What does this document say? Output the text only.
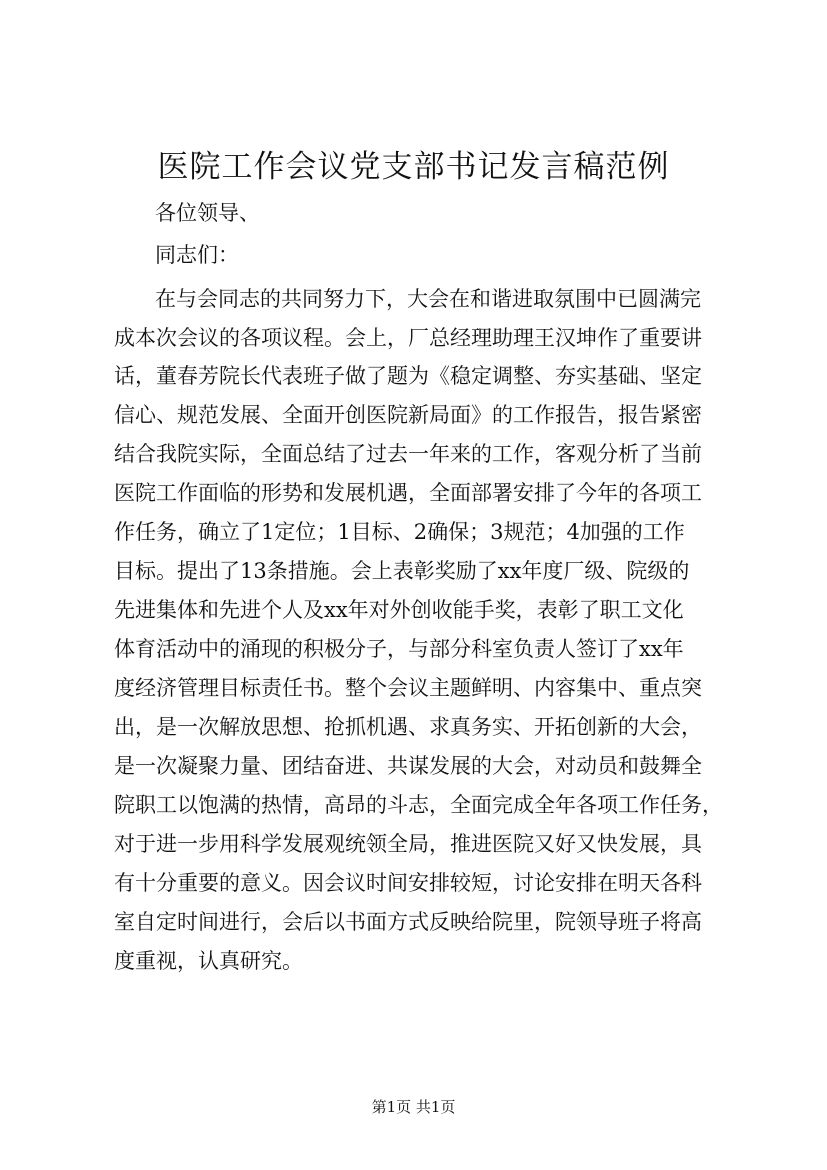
医院工作会议党支部书记发言稿范例

各位领导、

同志们：

在与会同志的共同努力下，大会在和谐进取氛围中已圆满完

成本次会议的各项议程。会上，厂总经理助理王汉坤作了重要讲

话，董春芳院长代表班子做了题为《稳定调整、夯实基础、坚定

信心、规范发展、全面开创医院新局面》的工作报告，报告紧密

结合我院实际，全面总结了过去一年来的工作，客观分析了当前

医院工作面临的形势和发展机遇，全面部署安排了今年的各项工

作任务，确立了1定位；1目标、2确保；3规范；4加强的工作

目标。提出了13条措施。会上表彰奖励了xx年度厂级、院级的

先进集体和先进个人及xx年对外创收能手奖，表彰了职工文化

体育活动中的涌现的积极分子，与部分科室负责人签订了xx年

度经济管理目标责任书。整个会议主题鲜明、内容集中、重点突

出，是一次解放思想、抢抓机遇、求真务实、开拓创新的大会，

是一次凝聚力量、团结奋进、共谋发展的大会，对动员和鼓舞全

院职工以饱满的热情，高昂的斗志，全面完成全年各项工作任务，

对于进一步用科学发展观统领全局，推进医院又好又快发展，具

有十分重要的意义。因会议时间安排较短，讨论安排在明天各科

室自定时间进行，会后以书面方式反映给院里，院领导班子将高

度重视，认真研究。

第1页 共1页
